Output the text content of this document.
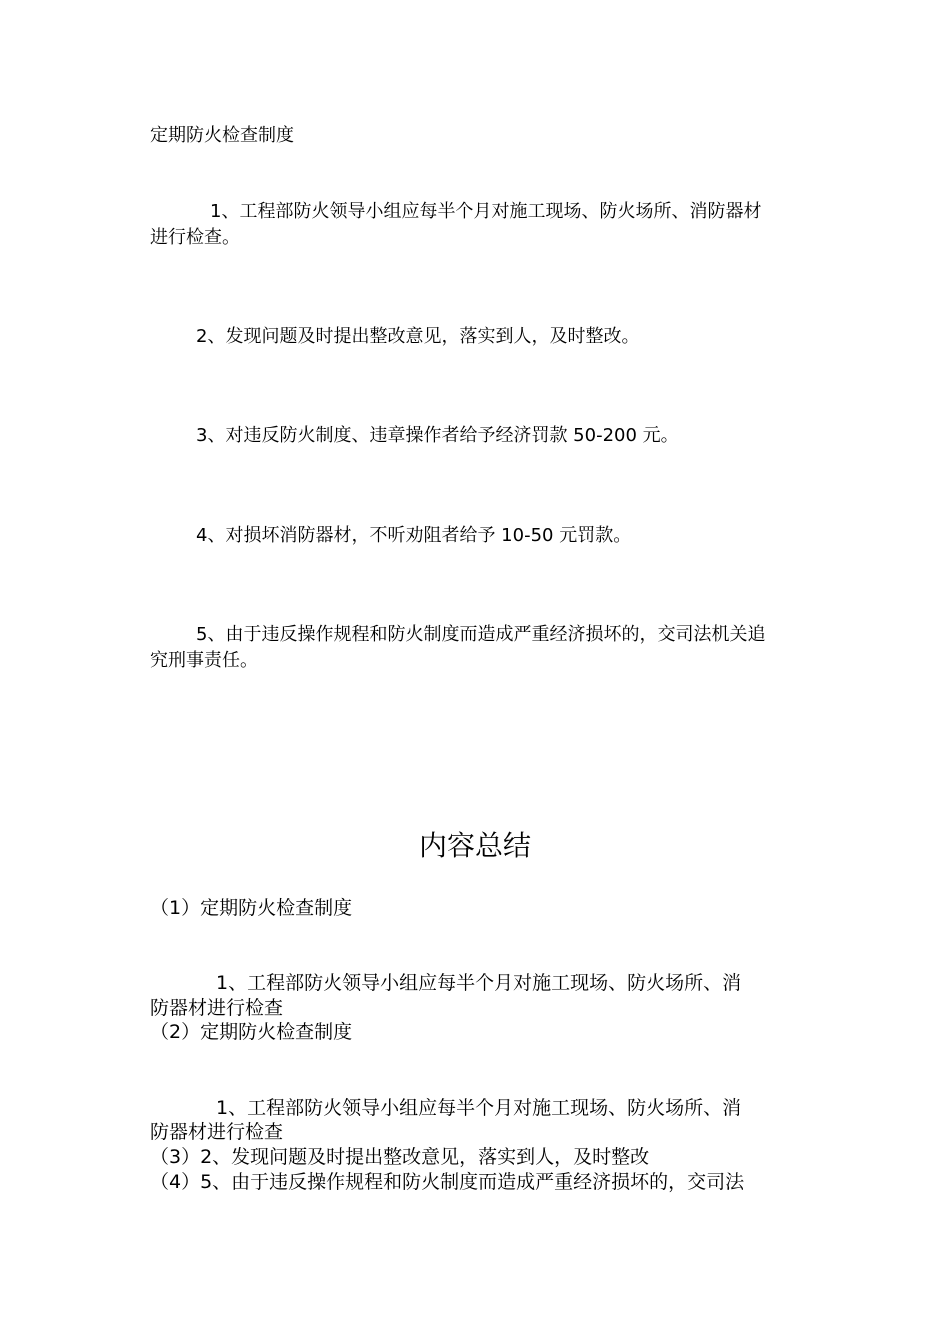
定期防火检查制度
1、工程部防火领导小组应每半个月对施工现场、防火场所、消防器材
进行检查。
2、发现问题及时提出整改意见，落实到人，及时整改。
3、对违反防火制度、违章操作者给予经济罚款 50-200 元。
4、对损坏消防器材，不听劝阻者给予 10-50 元罚款。
5、由于违反操作规程和防火制度而造成严重经济损坏的，交司法机关追
究刑事责任。
内容总结
（1）定期防火检查制度
1、工程部防火领导小组应每半个月对施工现场、防火场所、消
防器材进行检查
（2）定期防火检查制度
1、工程部防火领导小组应每半个月对施工现场、防火场所、消
防器材进行检查
（3）2、发现问题及时提出整改意见，落实到人，及时整改
（4）5、由于违反操作规程和防火制度而造成严重经济损坏的，交司法
